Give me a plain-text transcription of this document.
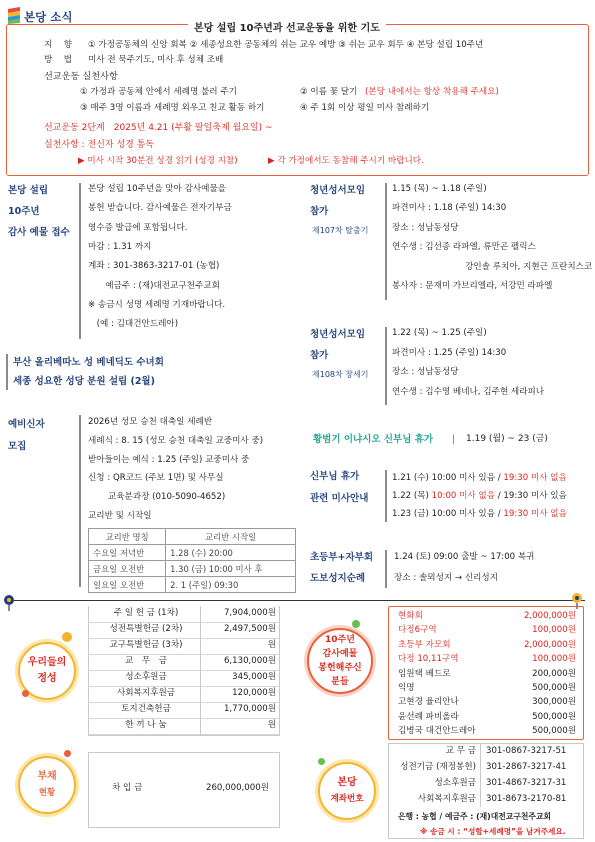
본당 소식
본당 설립 10주년과 선교운동을 위한 기도
지　 향 ① 가정공동체의 신앙 회복 ② 세종성요한 공동체의 쉬는 교우 예방 ③ 쉬는 교우 회두 ④ 본당 설립 10주년
방　 법 미사 전 묵주기도, 미사 후 성체 조배
선교운동 실천사항
① 가정과 공동체 안에서 세례명 불러 주기	② 이름 꽃 달기 (본당 내에서는 항상 착용해 주세요)
③ 매주 3명 이름과 세례명 외우고 친교 활동 하기	④ 주 1회 이상 평일 미사 참례하기
선교운동 2단계　2025년 4.21 (부활 팔일축제 월요일) ~
실천사항 : 전신자 성경 통독
▶ 미사 시작 30분전 성경 읽기 (성경 지참)	▶ 각 가정에서도 동참해 주시기 바랍니다.
본당 설립
10주년
감사 예물 접수
본당 설립 10주년을 맞아 감사예물을
봉헌 받습니다. 감사예물은 전자기부금
영수증 발급에 포함됩니다.
마감 : 1.31 까지
계좌 : 301-3863-3217-01 (농협)
　　예금주 : (재)대전교구천주교회
※ 송금시 성명 세례명 기재바랍니다.
　(예 : 김대건안드레아)
부산 올리베따노 성 베네딕도 수녀회
세종 성요한 성당 분원 설립 (2월)
예비신자
모집
2026년 성모 승천 대축일 세례반
세례식 : 8. 15 (성모 승천 대축일 교중미사 중)
받아들이는 예식 : 1.25 (주일) 교중미사 중
신청 : QR코드 (주보 1면) 및 사무실
　　 교육분과장 (010-5090-4652)
교리반 및 시작일
교리반 명칭	교리반 시작일
수요일 저녁반	1.28 (수) 20:00
금요일 오전반	1.30 (금) 10:00 미사 후
일요일 오전반	2. 1 (주일) 09:30
청년성서모임
참가
제107차 탈출기
1.15 (목) ~ 1.18 (주일)
파견미사 : 1.18 (주일) 14:30
장소 : 성남동성당
연수생 : 김선종 라파엘, 류만곤 펠릭스
　　　　 강인솔 루치아, 지현근 프란치스코
봉사자 : 문재미 가브리엘라, 서강민 라파엘
청년성서모임
참가
제108차 창세기
1.22 (목) ~ 1.25 (주일)
파견미사 : 1.25 (주일) 14:30
장소 : 성남동성당
연수생 : 김수영 베네나, 김주현 세라피나
황범기 이냐시오 신부님 휴가 | 1.19 (월) ~ 23 (금)
신부님 휴가
관련 미사안내
1.21 (수) 10:00 미사 있음 / 19:30 미사 없음
1.22 (목) 10:00 미사 없음 / 19:30 미사 있음
1.23 (금) 10:00 미사 있음 / 19:30 미사 없음
초등부+자부회
도보성지순례
1.24 (토) 09:00 출발 ~ 17:00 복귀
장소 : 솔뫼성지 → 신리성지
우리들의
정성
주 일 헌 금 (1차)	7,904,000원
성전특별헌금 (2차)	2,497,500원
교구특별헌금 (3차)	원
교　무　금	6,130,000원
성소후원금	345,000원
사회복지후원금	120,000원
토지건축헌금	1,770,000원
한 끼 나 눔	원
부채
현황	차 입 금	260,000,000원
10주년
감사예물
봉헌해주신
분들
현화회	2,000,000원
다정6구역	100,000원
초등부 자모회	2,000,000원
다정 10,11구역	100,000원
임원택 베드로	200,000원
익명	500,000원
고현경 율리안나	300,000원
윤선례 파비올라	500,000원
김병국 대건안드레아	500,000원
본당
계좌번호
교 무 금 301-0867-3217-51
성전기금 (재정봉헌) 301-2867-3217-41
성소후원금 301-4867-3217-31
사회복지후원금 301-8673-2170-81
은행 : 농협 / 예금주 : (재)대전교구천주교회
※ 송금 시 : “성함+세례명”을 남겨주세요.
